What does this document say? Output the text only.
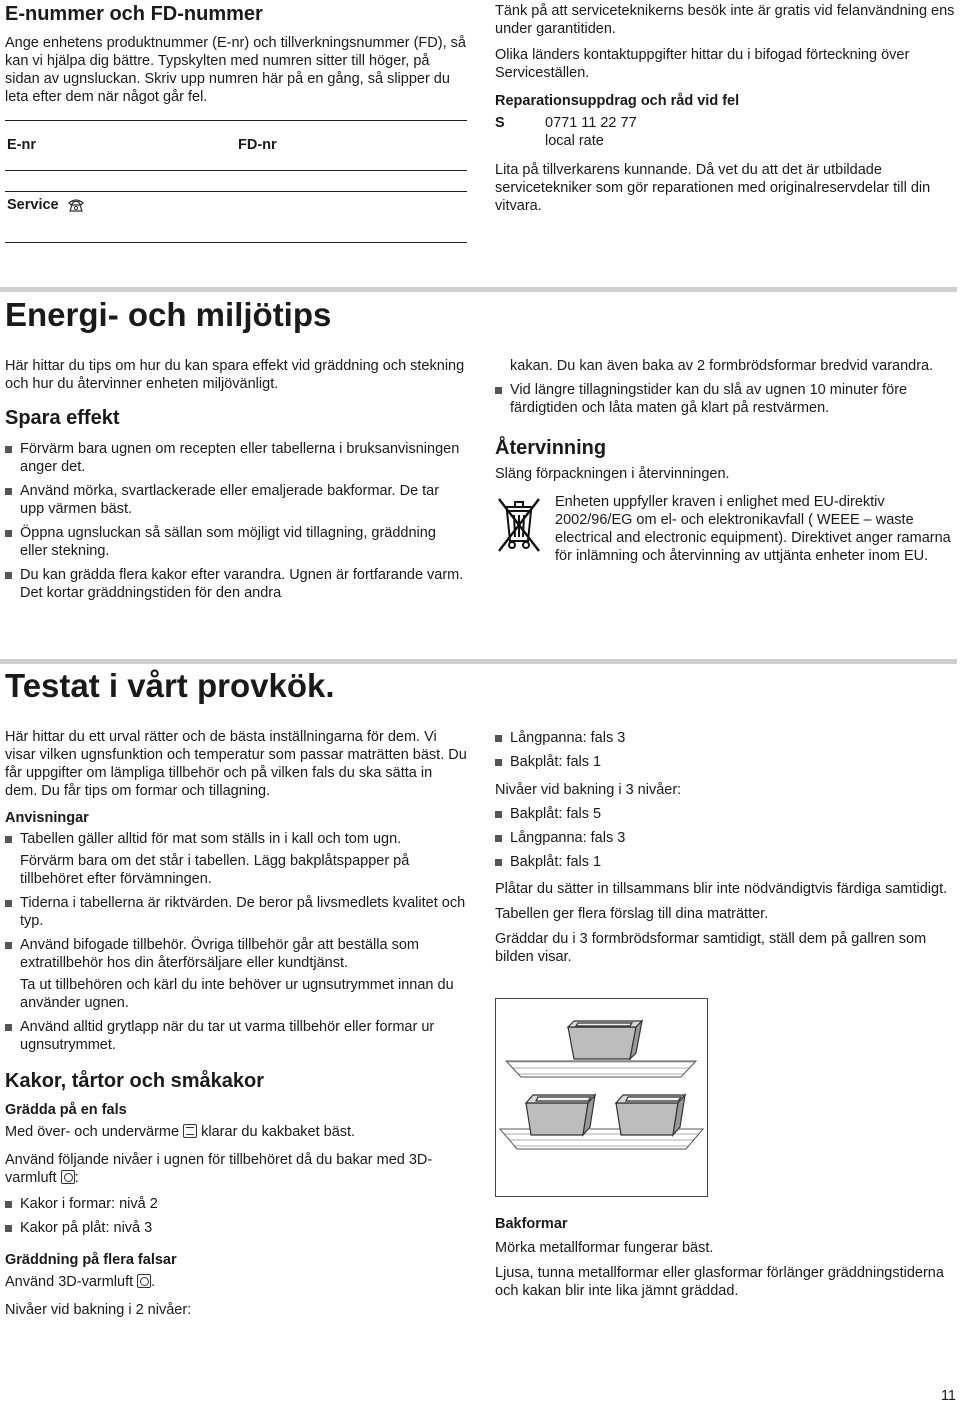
E-nummer och FD-nummer

Ange enhetens produktnummer (E-nr) och tillverkningsnummer (FD), så kan vi hjälpa dig bättre. Typskylten med numren sitter till höger, på sidan av ugnsluckan. Skriv upp numren här på en gång, så slipper du leta efter dem när något går fel.

E-nr	FD-nr
Service

Tänk på att serviceteknikerns besök inte är gratis vid felanvändning ens under garantitiden.

Olika länders kontaktuppgifter hittar du i bifogad förteckning över Serviceställen.

Reparationsuppdrag och råd vid fel
S	0771 11 22 77
local rate

Lita på tillverkarens kunnande. Då vet du att det är utbildade servicetekniker som gör reparationen med originalreservdelar till din vitvara.

Energi- och miljötips

Här hittar du tips om hur du kan spara effekt vid gräddning och stekning och hur du återvinner enheten miljövänligt.

Spara effekt
Förvärm bara ugnen om recepten eller tabellerna i bruksanvisningen anger det.
Använd mörka, svartlackerade eller emaljerade bakformar. De tar upp värmen bäst.
Öppna ugnsluckan så sällan som möjligt vid tillagning, gräddning eller stekning.
Du kan grädda flera kakor efter varandra. Ugnen är fortfarande varm. Det kortar gräddningstiden för den andra
kakan. Du kan även baka av 2 formbrödsformar bredvid varandra.
Vid längre tillagningstider kan du slå av ugnen 10 minuter före färdigtiden och låta maten gå klart på restvärmen.
Återvinning

Släng förpackningen i återvinningen.

Enheten uppfyller kraven i enlighet med EU-direktiv 2002/96/EG om el- och elektronikavfall ( WEEE – waste electrical and electronic equipment). Direktivet anger ramarna för inlämning och återvinning av uttjänta enheter inom EU.

Testat i vårt provkök.

Här hittar du ett urval rätter och de bästa inställningarna för dem. Vi visar vilken ugnsfunktion och temperatur som passar maträtten bäst. Du får uppgifter om lämpliga tillbehör och på vilken fals du ska sätta in dem. Du får tips om formar och tillagning.

Anvisningar
Tabellen gäller alltid för mat som ställs in i kall och tom ugn.
Förvärm bara om det står i tabellen. Lägg bakplåtspapper på tillbehöret efter förvämningen.
Tiderna i tabellerna är riktvärden. De beror på livsmedlets kvalitet och typ.
Använd bifogade tillbehör. Övriga tillbehör går att beställa som extratillbehör hos din återförsäljare eller kundtjänst.
Ta ut tillbehören och kärl du inte behöver ur ugnsutrymmet innan du använder ugnen.
Använd alltid grytlapp när du tar ut varma tillbehör eller formar ur ugnsutrymmet.
Kakor, tårtor och småkakor
Grädda på en fals

Med över- och undervärme klarar du kakbaket bäst.

Använd följande nivåer i ugnen för tillbehöret då du bakar med 3D-varmluft :

Kakor i formar: nivå 2
Kakor på plåt: nivå 3
Gräddning på flera falsar

Använd 3D-varmluft .

Nivåer vid bakning i 2 nivåer:

Långpanna: fals 3
Bakplåt: fals 1

Nivåer vid bakning i 3 nivåer:

Bakplåt: fals 5
Långpanna: fals 3
Bakplåt: fals 1

Plåtar du sätter in tillsammans blir inte nödvändigtvis färdiga samtidigt.

Tabellen ger flera förslag till dina maträtter.

Gräddar du i 3 formbrödsformar samtidigt, ställ dem på gallren som bilden visar.

Bakformar

Mörka metallformar fungerar bäst.

Ljusa, tunna metallformar eller glasformar förlänger gräddningstiderna och kakan blir inte lika jämnt gräddad.

11
